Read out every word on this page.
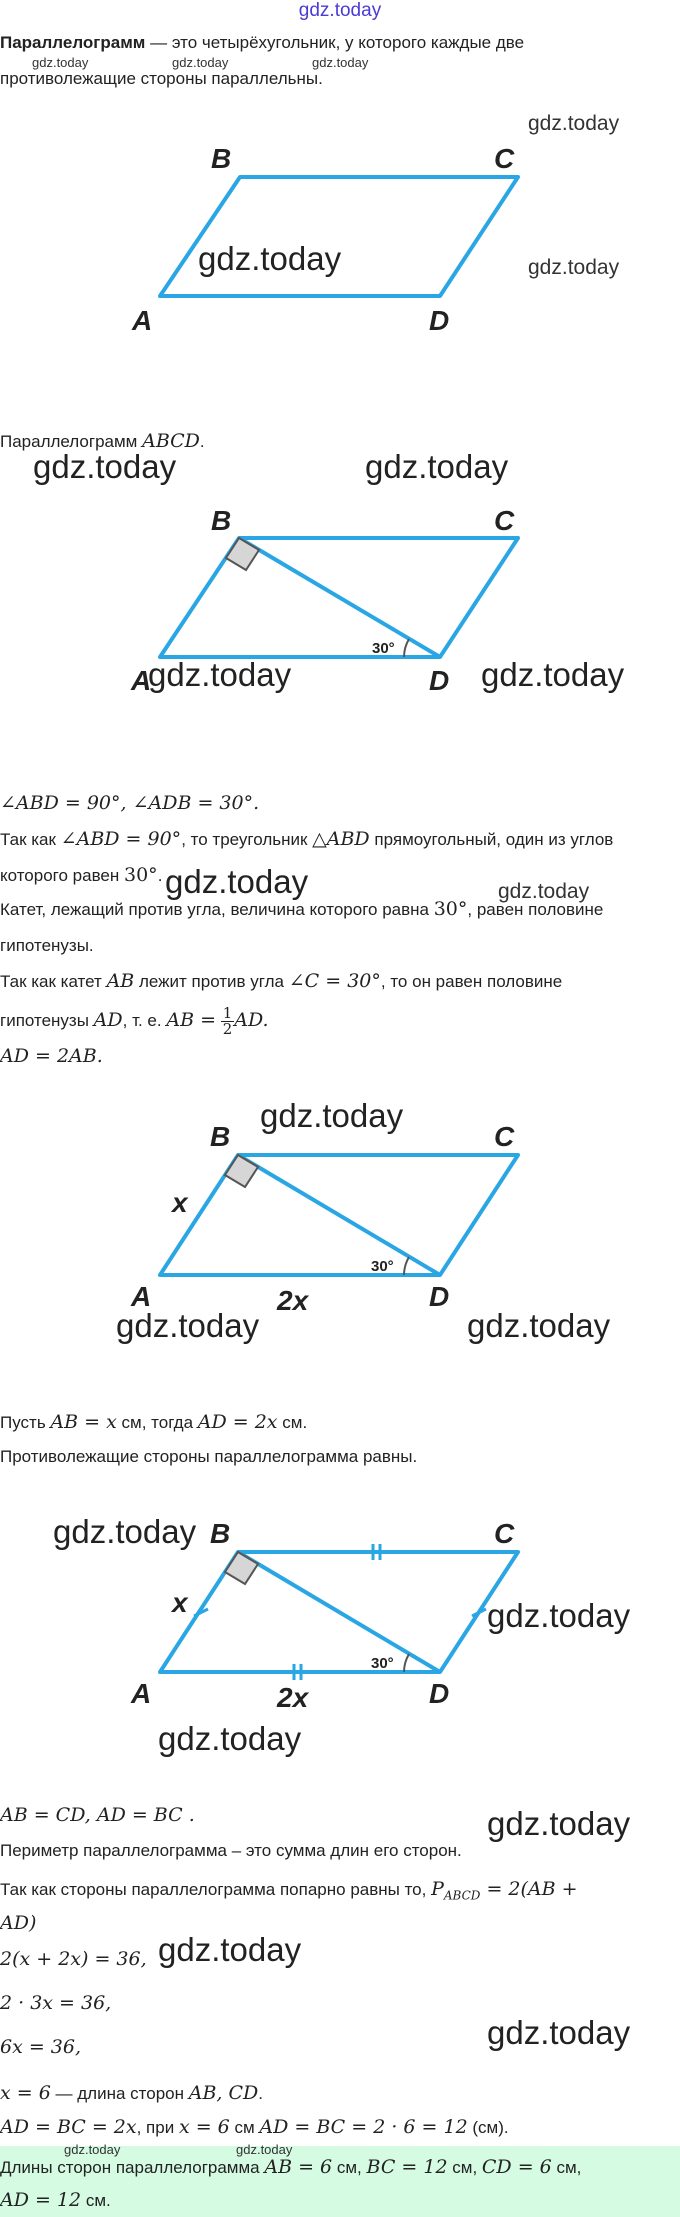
gdz.today
Параллелограмм — это четырёхугольник, у которого каждые две
gdz.today	gdz.today	gdz.today
противолежащие стороны параллельны.
B	C
A	D
gdz.today
gdz.today
gdz.today
Параллелограмм ABCD.
gdz.today	gdz.today
30°
B	C
A	D
gdz.today	gdz.today
∠ABD = 90°, ∠ADB = 30°.
Так как ∠ABD = 90°, то треугольник △ABD прямоугольный, один из углов
которого равен 30°. gdz.today	gdz.today
Катет, лежащий против угла, величина которого равна 30°, равен половине
гипотенузы.
Так как катет AB лежит против угла ∠C = 30°, то он равен половине
гипотенузы AD, т. е. AB = $\frac{1}{2}$ AD.
AD = 2AB.
30°
B	C
A	D
x
2x
gdz.today
gdz.today	gdz.today
Пусть AB = x см, тогда AD = 2x см.
Противолежащие стороны параллелограмма равны.
30°
B	C
A	D
x
2x
gdz.today
gdz.today
gdz.today
AB = CD, AD = BC .	gdz.today
Периметр параллелограмма – это сумма длин его сторон.
Так как стороны параллелограмма попарно равны то, $P_{ABCD} = 2(AB$ +
AD)
2(x + 2x) = 36, gdz.today
2 · 3x = 36,
6x = 36,	gdz.today
x = 6 — длина сторон AB, CD.
AD = BC = 2x, при x = 6 см AD = BC = 2 · 6 = 12 (см).
gdz.today	gdz.today
Длины сторон параллелограмма AB = 6 см, BC = 12 см, CD = 6 см,
AD = 12 см.
